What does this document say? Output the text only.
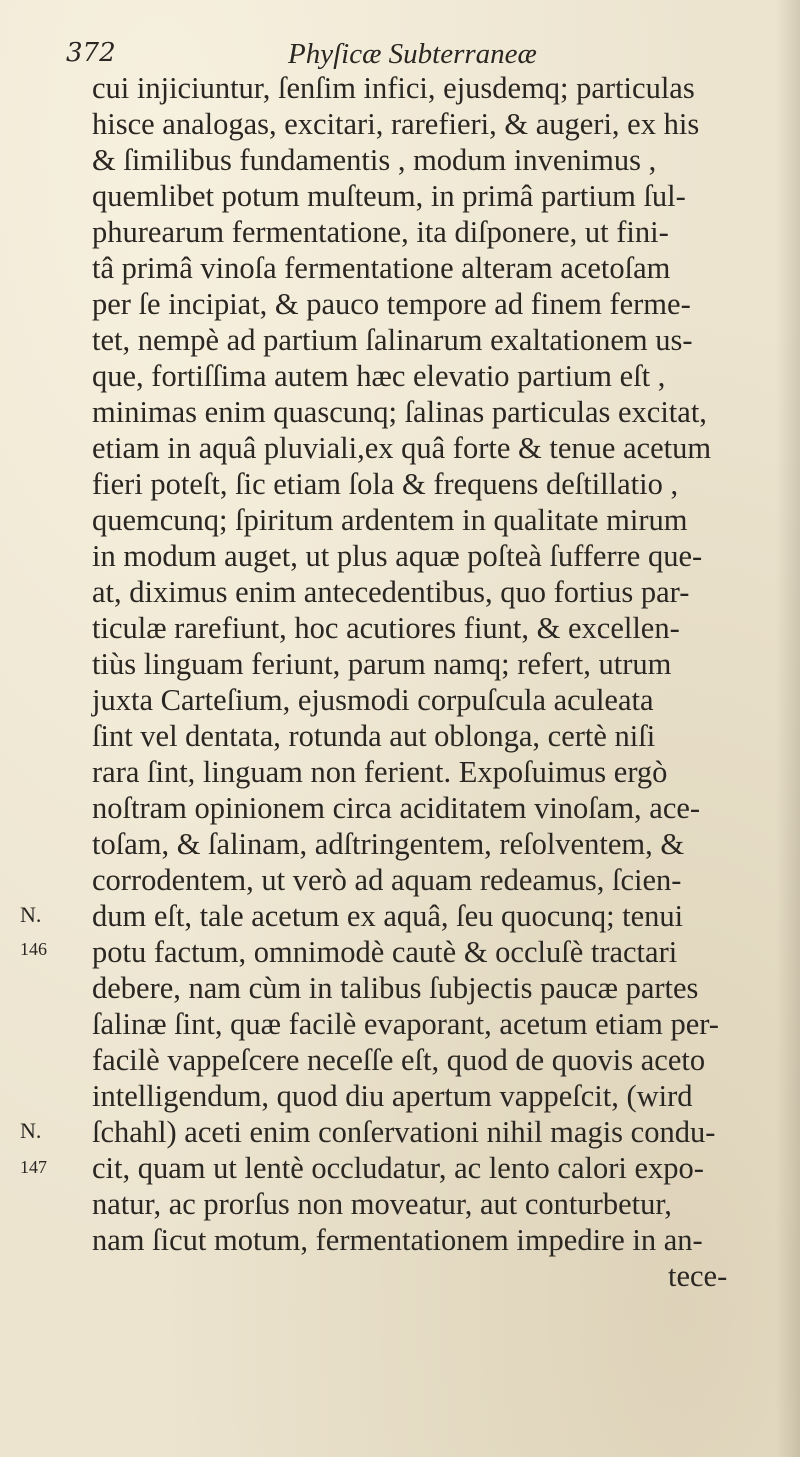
372	Phyſicæ Subterraneæ
cui injiciuntur, ſenſim infici, ejusdemq; particulas
hisce analogas, excitari, rarefieri, & augeri, ex his
& ſimilibus fundamentis , modum invenimus ,
quemlibet potum muſteum, in primâ partium ſul-
phurearum fermentatione, ita diſponere, ut fini-
tâ primâ vinoſa fermentatione alteram acetoſam
per ſe incipiat, & pauco tempore ad finem ferme-
tet, nempè ad partium ſalinarum exaltationem us-
que, fortiſſima autem hæc elevatio partium eſt ,
minimas enim quascunq; ſalinas particulas excitat,
etiam in aquâ pluviali,ex quâ forte & tenue acetum
fieri poteſt, ſic etiam ſola & frequens deſtillatio ,
quemcunq; ſpiritum ardentem in qualitate mirum
in modum auget, ut plus aquæ poſteà ſufferre que-
at, diximus enim antecedentibus, quo fortius par-
ticulæ rarefiunt, hoc acutiores fiunt, & excellen-
tiùs linguam feriunt, parum namq; refert, utrum
juxta Carteſium, ejusmodi corpuſcula aculeata
ſint vel dentata, rotunda aut oblonga, certè niſi
rara ſint, linguam non ferient. Expoſuimus ergò
noſtram opinionem circa aciditatem vinoſam, ace-
toſam, & ſalinam, adſtringentem, reſolventem, &
corrodentem, ut verò ad aquam redeamus, ſcien-
dum eſt, tale acetum ex aquâ, ſeu quocunq; tenui
potu factum, omnimodè cautè & occluſè tractari
debere, nam cùm in talibus ſubjectis paucæ partes
ſalinæ ſint, quæ facilè evaporant, acetum etiam per-
facilè vappeſcere neceſſe eſt, quod de quovis aceto
intelligendum, quod diu apertum vappeſcit, (wird
ſchahl) aceti enim conſervationi nihil magis condu-
cit, quam ut lentè occludatur, ac lento calori expo-
natur, ac prorſus non moveatur, aut conturbetur,
nam ſicut motum, fermentationem impedire in an-
tece-
N.
146
N.
147
